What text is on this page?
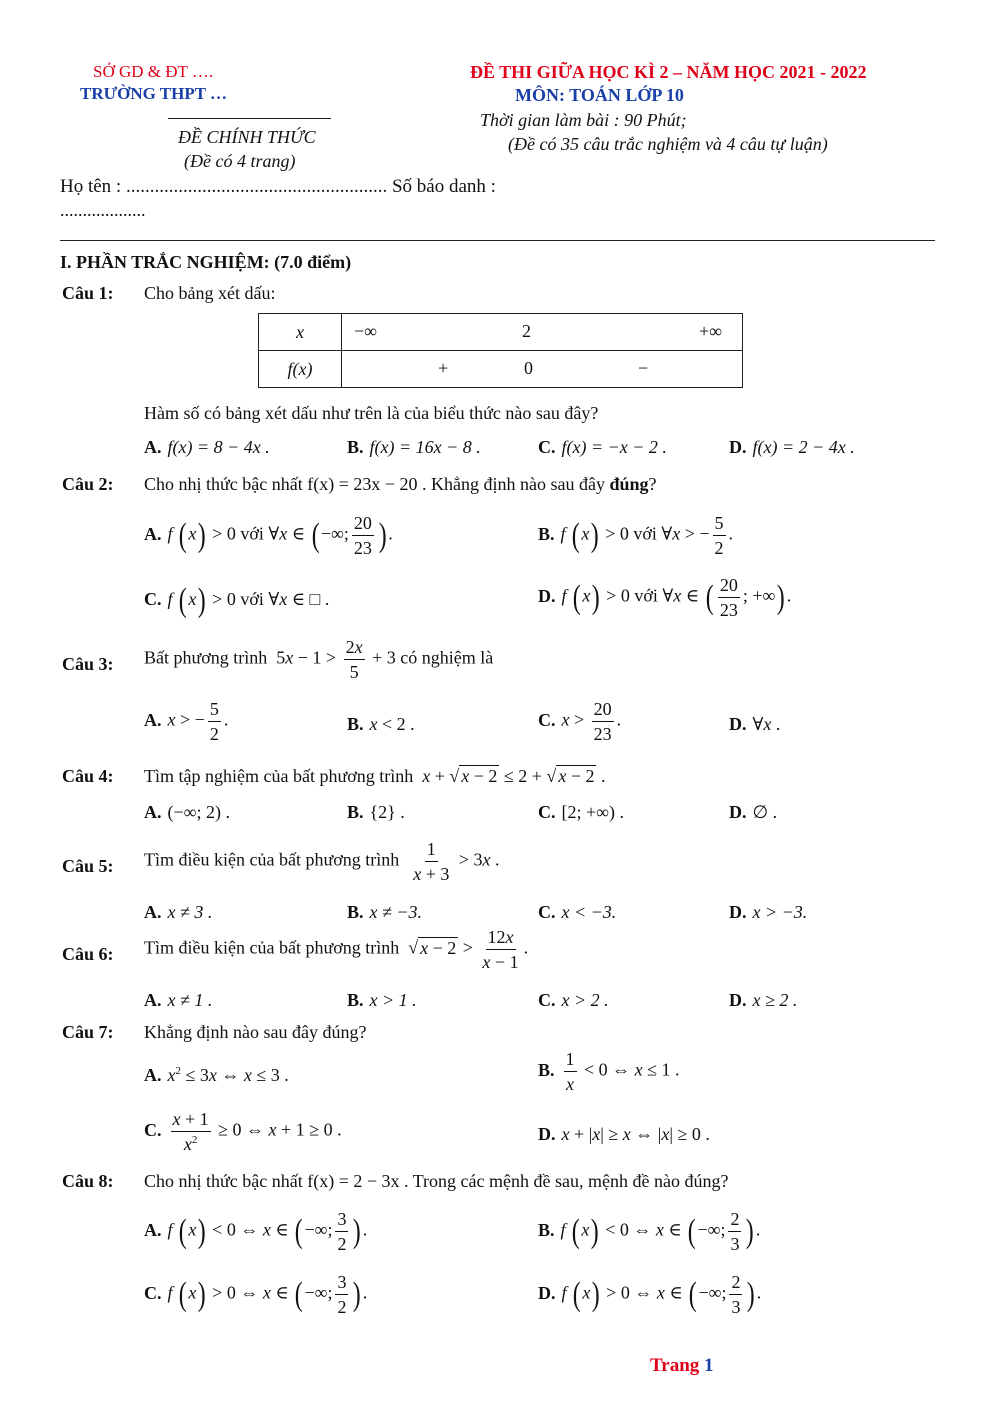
SỞ GD & ĐT ….
TRƯỜNG THPT …
ĐỀ CHÍNH THỨC
(Đề có 4 trang)
ĐỀ THI GIỮA HỌC KÌ 2 – NĂM HỌC 2021 - 2022
MÔN: TOÁN LỚP 10
Thời gian làm bài : 90 Phút;
(Đề có 35 câu trắc nghiệm và 4 câu tự luận)
Họ tên : ....................................................... Số báo danh :
...................
I. PHẦN TRẮC NGHIỆM: (7.0 điểm)
Câu 1: Cho bảng xét dấu:
x	−∞ 2 +∞

f(x)	+ 0 −
Hàm số có bảng xét dấu như trên là của biểu thức nào sau đây?
A. f(x) = 8 − 4x .	B. f(x) = 16x − 8 .	C. f(x) = −x − 2 .	D. f(x) = 2 − 4x .
Câu 2: Cho nhị thức bậc nhất f(x) = 23x − 20 . Khẳng định nào sau đây đúng?
A. f (x) > 0 với ∀x ∈ (−∞; $\frac{20}{23}$ ).	B. f (x) > 0 với ∀x > − $\frac{5}{2}$ .
C. f (x) > 0 với ∀x ∈ □ .	D. f (x) > 0 với ∀x ∈ ( $\frac{20}{23}$ ; +∞).
Câu 3: Bất phương trình  $5x - 1 > \frac{2x}{5} + 3$ có nghiệm là
A. x > − $\frac{5}{2}$ .	B. x < 2 .	C. $x > \frac{20}{23}$ .	D. ∀x .
Câu 4: Tìm tập nghiệm của bất phương trình x + √ x − 2 ≤ 2 + √ x − 2 .
A. (−∞; 2) .	B. {2} .	C. [2; +∞) .	D. ∅ .
Câu 5: Tìm điều kiện của bất phương trình $\frac{1}{x + 3} > 3x$ .
A. x ≠ 3 .	B. x ≠ −3.	C. x < −3.	D. x > −3.
Câu 6: Tìm điều kiện của bất phương trình  √ $x - 2 > \frac{12x}{x - 1}$ .
A. x ≠ 1 .	B. x > 1 .	C. x > 2 .	D. x ≥ 2 .
Câu 7: Khẳng định nào sau đây đúng?
A. $x^2 \le 3x$ ⇔ x ≤ 3 .	B. $\frac{1}{x} < 0$ ⇔ x ≤ 1 .
C. $\frac{x + 1}{x^2} \ge 0$ ⇔ x + 1 ≥ 0 .	D. x + |x| ≥ x ⇔ |x| ≥ 0 .
Câu 8: Cho nhị thức bậc nhất f(x) = 2 − 3x . Trong các mệnh đề sau, mệnh đề nào đúng?
A. f (x) < 0 ⇔ x ∈ (−∞; $\frac{3}{2}$ ).	B. f (x) < 0 ⇔ x ∈ (−∞; $\frac{2}{3}$ ).
C. f (x) > 0 ⇔ x ∈ (−∞; $\frac{3}{2}$ ).	D. f (x) > 0 ⇔ x ∈ (−∞; $\frac{2}{3}$ ).
Trang 1
